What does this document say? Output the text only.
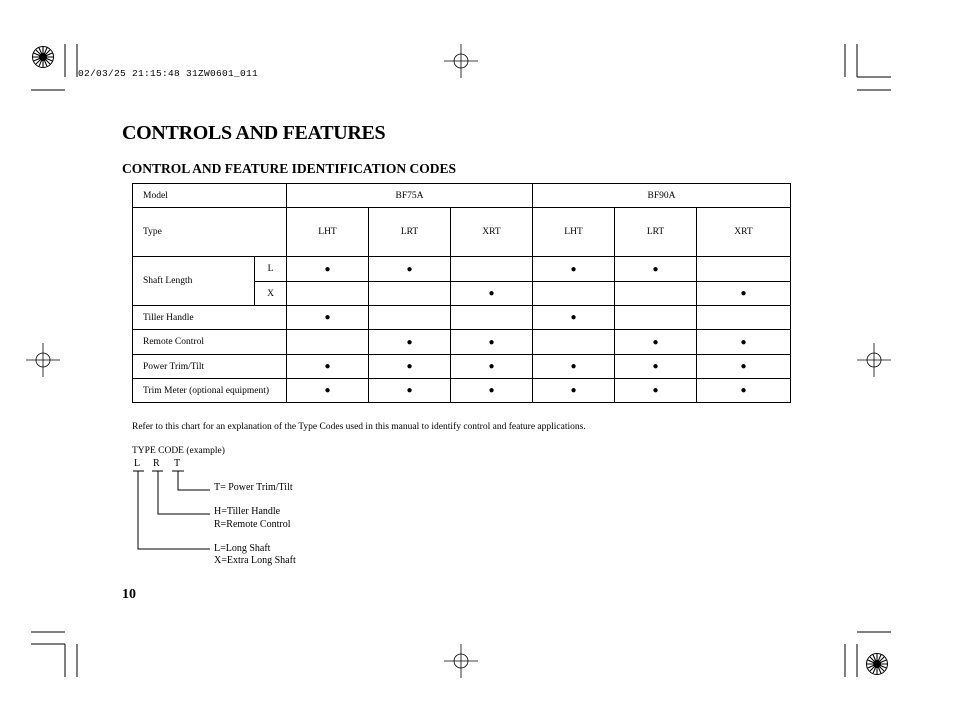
02/03/25 21:15:48 31ZW0601_011
CONTROLS AND FEATURES
CONTROL AND FEATURE IDENTIFICATION CODES
Model		BF75A			BF90A		
Type		LHT	LRT	XRT	LHT	LRT	XRT
Shaft Length	L	●	●		●	●	
	X			●			●
Tiller Handle		●			●		
Remote Control			●	●		●	●
Power Trim/Tilt		●	●	●	●	●	●
Trim Meter (optional equipment)		●	●	●	●	●	●
Refer to this chart for an explanation of the Type Codes used in this manual to identify control and feature applications.
TYPE CODE (example)
L R T
T= Power Trim/Tilt
H=Tiller Handle
R=Remote Control
L=Long Shaft
X=Extra Long Shaft
10
